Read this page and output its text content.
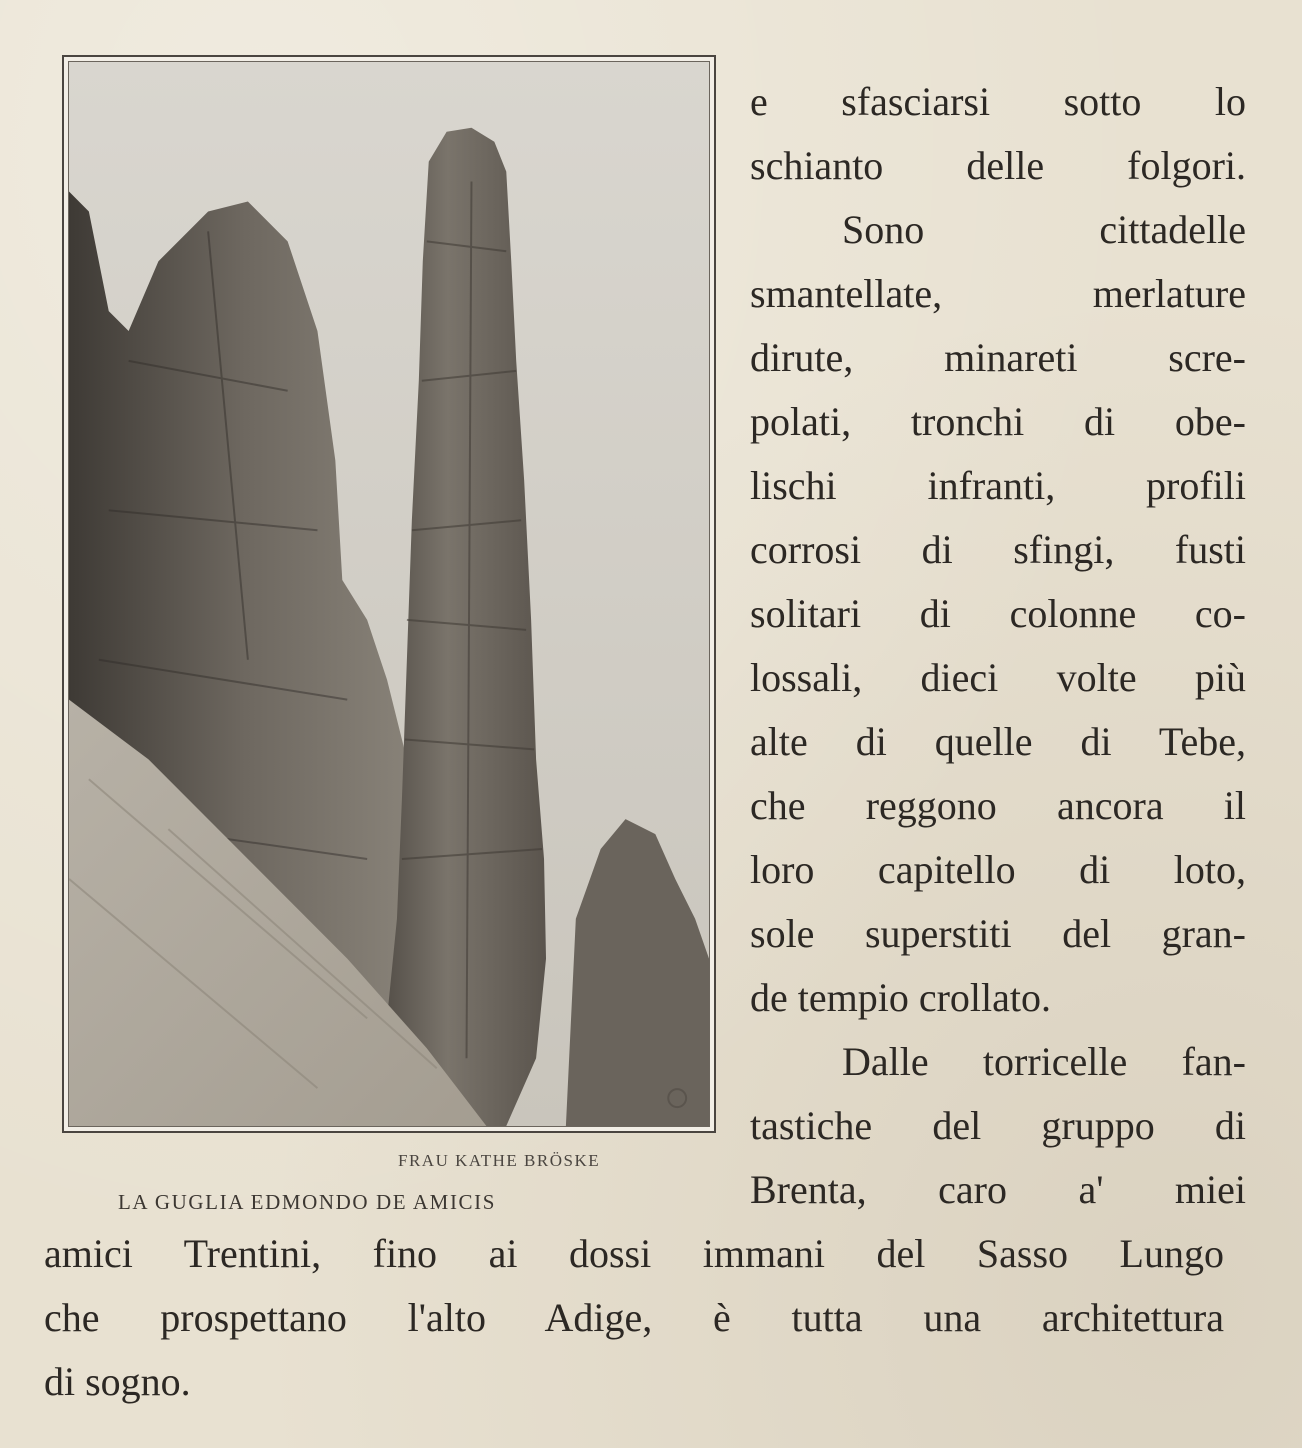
FRAU KATHE BRÖSKE
LA GUGLIA EDMONDO DE AMICIS
e sfasciarsi sotto lo
schianto delle folgori.
Sono cittadelle
smantellate, merlature
dirute, minareti scre-
polati, tronchi di obe-
lischi infranti, profili
corrosi di sfingi, fusti
solitari di colonne co-
lossali, dieci volte più
alte di quelle di Tebe,
che reggono ancora il
loro capitello di loto,
sole superstiti del gran-
de tempio crollato.
Dalle torricelle fan-
tastiche del gruppo di
Brenta, caro a' miei
amici Trentini, fino ai dossi immani del Sasso Lungo
che prospettano l'alto Adige, è tutta una architettura
di sogno.
